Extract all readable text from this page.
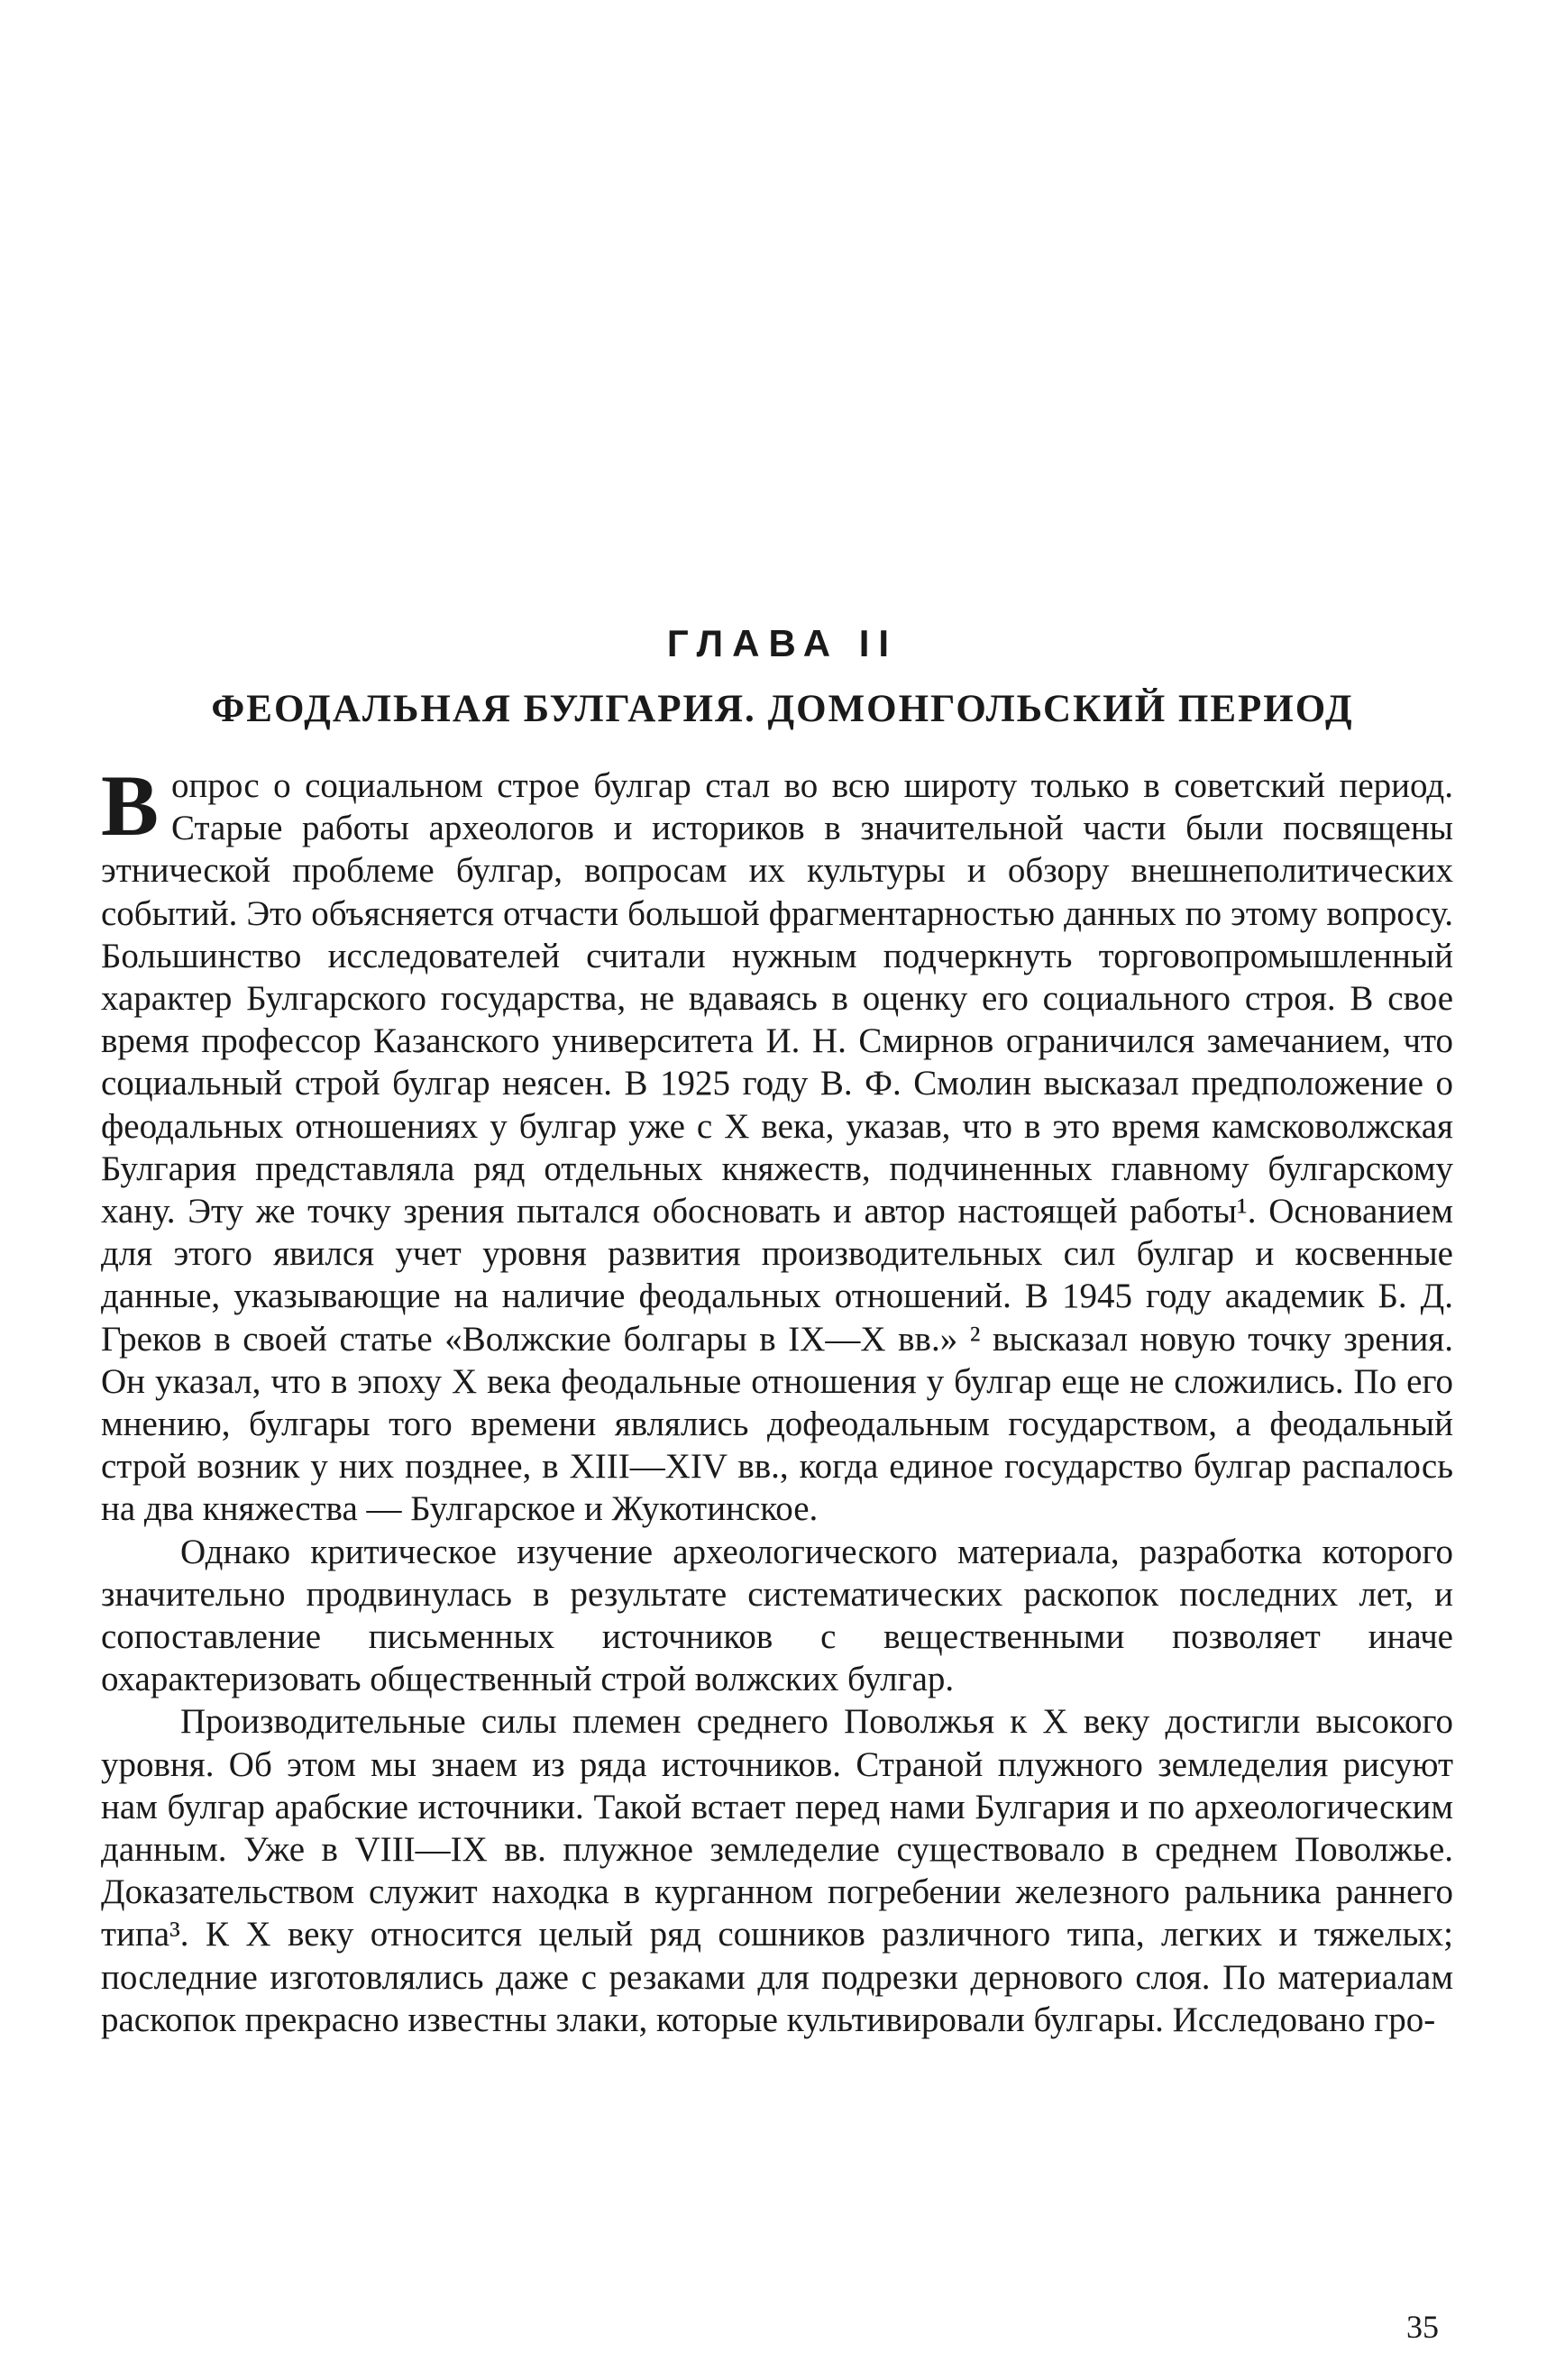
ГЛАВА II
ФЕОДАЛЬНАЯ БУЛГАРИЯ. ДОМОНГОЛЬСКИЙ ПЕРИОД

Вопрос о социальном строе булгар стал во всю широту только в советский период. Старые работы археологов и историков в значительной части были посвящены этнической проблеме булгар, вопросам их культуры и обзору внешнеполитических событий. Это объясняется отчасти большой фрагментарностью данных по этому вопросу. Большинство исследователей считали нужным подчеркнуть торговопромышленный характер Булгарского государства, не вдаваясь в оценку его социального строя. В свое время профессор Казанского университета И. Н. Смирнов ограничился замечанием, что социальный строй булгар неясен. В 1925 году В. Ф. Смолин высказал предположение о феодальных отношениях у булгар уже с X века, указав, что в это время камсковолжская Булгария представляла ряд отдельных княжеств, подчиненных главному булгарскому хану. Эту же точку зрения пытался обосновать и автор настоящей работы¹. Основанием для этого явился учет уровня развития производительных сил булгар и косвенные данные, указывающие на наличие феодальных отношений. В 1945 году академик Б. Д. Греков в своей статье «Волжские болгары в IX—X вв.» ² высказал новую точку зрения. Он указал, что в эпоху X века феодальные отношения у булгар еще не сложились. По его мнению, булгары того времени являлись дофеодальным государством, а феодальный строй возник у них позднее, в XIII—XIV вв., когда единое государство булгар распалось на два княжества — Булгарское и Жукотинское.

Однако критическое изучение археологического материала, разработка которого значительно продвинулась в результате систематических раскопок последних лет, и сопоставление письменных источников с вещественными позволяет иначе охарактеризовать общественный строй волжских булгар.

Производительные силы племен среднего Поволжья к X веку достигли высокого уровня. Об этом мы знаем из ряда источников. Страной плужного земледелия рисуют нам булгар арабские источники. Такой встает перед нами Булгария и по археологическим данным. Уже в VIII—IX вв. плужное земледелие существовало в среднем Поволжье. Доказательством служит находка в курганном погребении железного ральника раннего типа³. К X веку относится целый ряд сошников различного типа, легких и тяжелых; последние изготовлялись даже с резаками для подрезки дернового слоя. По материалам раскопок прекрасно известны злаки, которые культивировали булгары. Исследовано гро-

35
